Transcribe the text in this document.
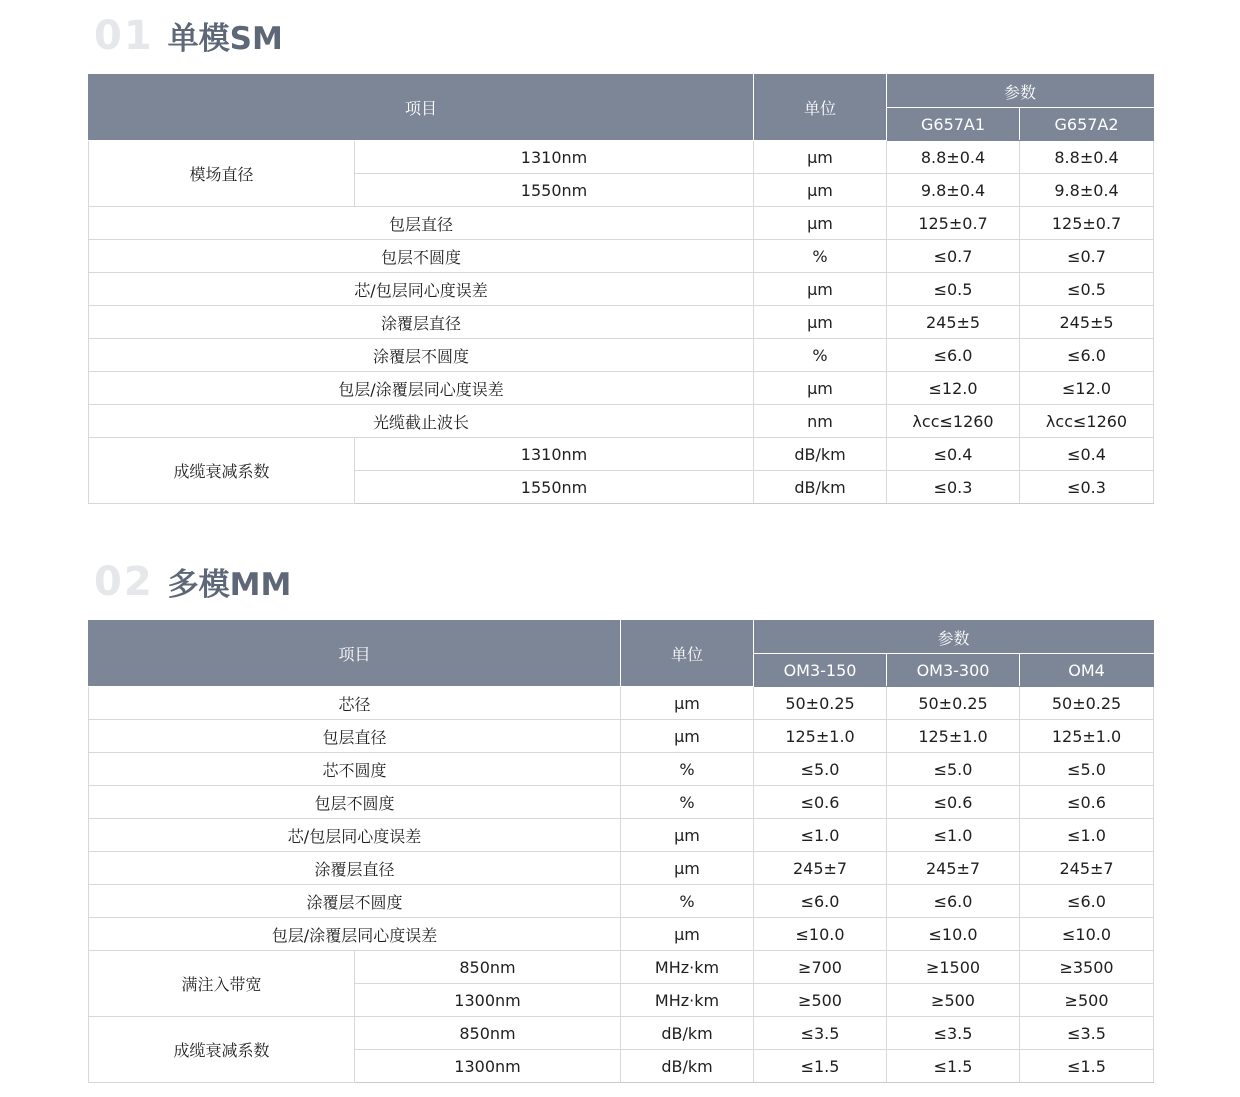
01 单模SM
项目		单位	参数	
			G657A1	G657A2
模场直径	1310nm	μm	8.8±0.4	8.8±0.4
	1550nm	μm	9.8±0.4	9.8±0.4
包层直径		μm	125±0.7	125±0.7
包层不圆度		%	≤0.7	≤0.7
芯/包层同心度误差		μm	≤0.5	≤0.5
涂覆层直径		μm	245±5	245±5
涂覆层不圆度		%	≤6.0	≤6.0
包层/涂覆层同心度误差		μm	≤12.0	≤12.0
光缆截止波长		nm	λcc≤1260	λcc≤1260
成缆衰减系数	1310nm	dB/km	≤0.4	≤0.4
	1550nm	dB/km	≤0.3	≤0.3
02 多模MM
项目		单位	参数		
			OM3-150	OM3-300	OM4
芯径		μm	50±0.25	50±0.25	50±0.25
包层直径		μm	125±1.0	125±1.0	125±1.0
芯不圆度		%	≤5.0	≤5.0	≤5.0
包层不圆度		%	≤0.6	≤0.6	≤0.6
芯/包层同心度误差		μm	≤1.0	≤1.0	≤1.0
涂覆层直径		μm	245±7	245±7	245±7
涂覆层不圆度		%	≤6.0	≤6.0	≤6.0
包层/涂覆层同心度误差		μm	≤10.0	≤10.0	≤10.0
满注入带宽	850nm	MHz·km	≥700	≥1500	≥3500
	1300nm	MHz·km	≥500	≥500	≥500
成缆衰减系数	850nm	dB/km	≤3.5	≤3.5	≤3.5
	1300nm	dB/km	≤1.5	≤1.5	≤1.5
